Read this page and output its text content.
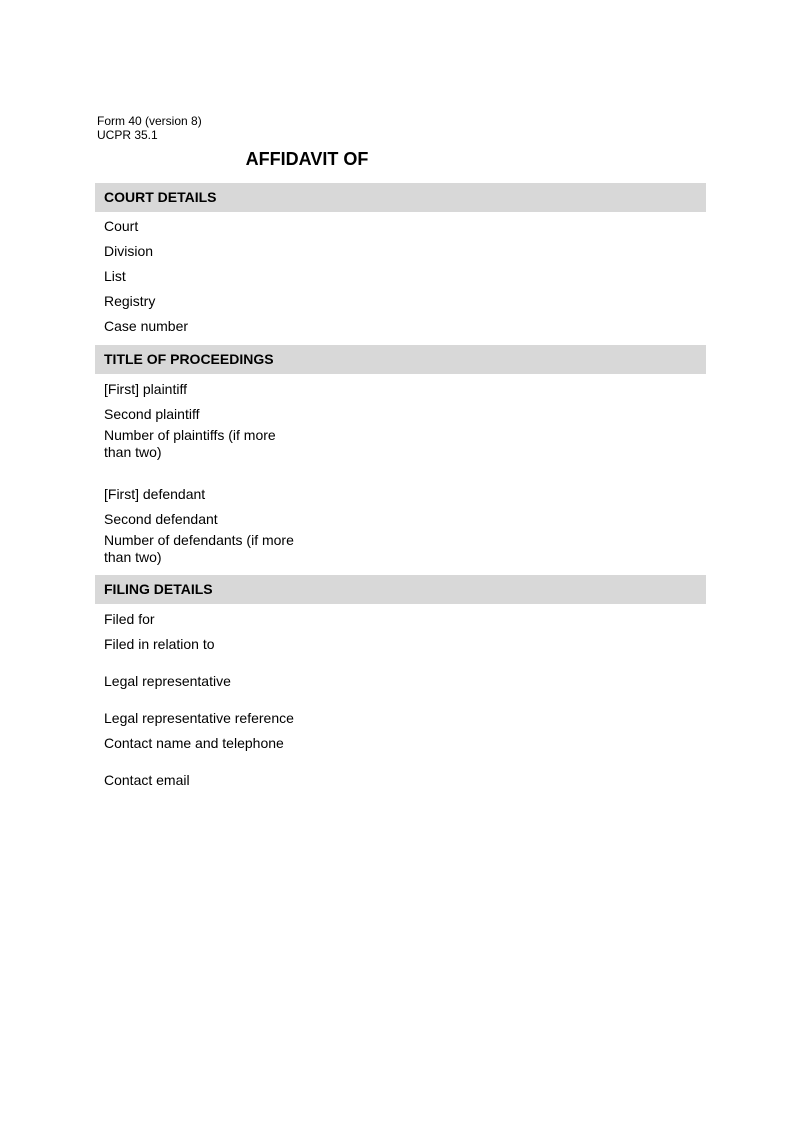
Form 40 (version 8)
UCPR 35.1
AFFIDAVIT OF
COURT DETAILS
Court
Division
List
Registry
Case number
TITLE OF PROCEEDINGS
[First] plaintiff
Second plaintiff
Number of plaintiffs (if more than two)
[First] defendant
Second defendant
Number of defendants (if more than two)
FILING DETAILS
Filed for
Filed in relation to
Legal representative
Legal representative reference
Contact name and telephone
Contact email
